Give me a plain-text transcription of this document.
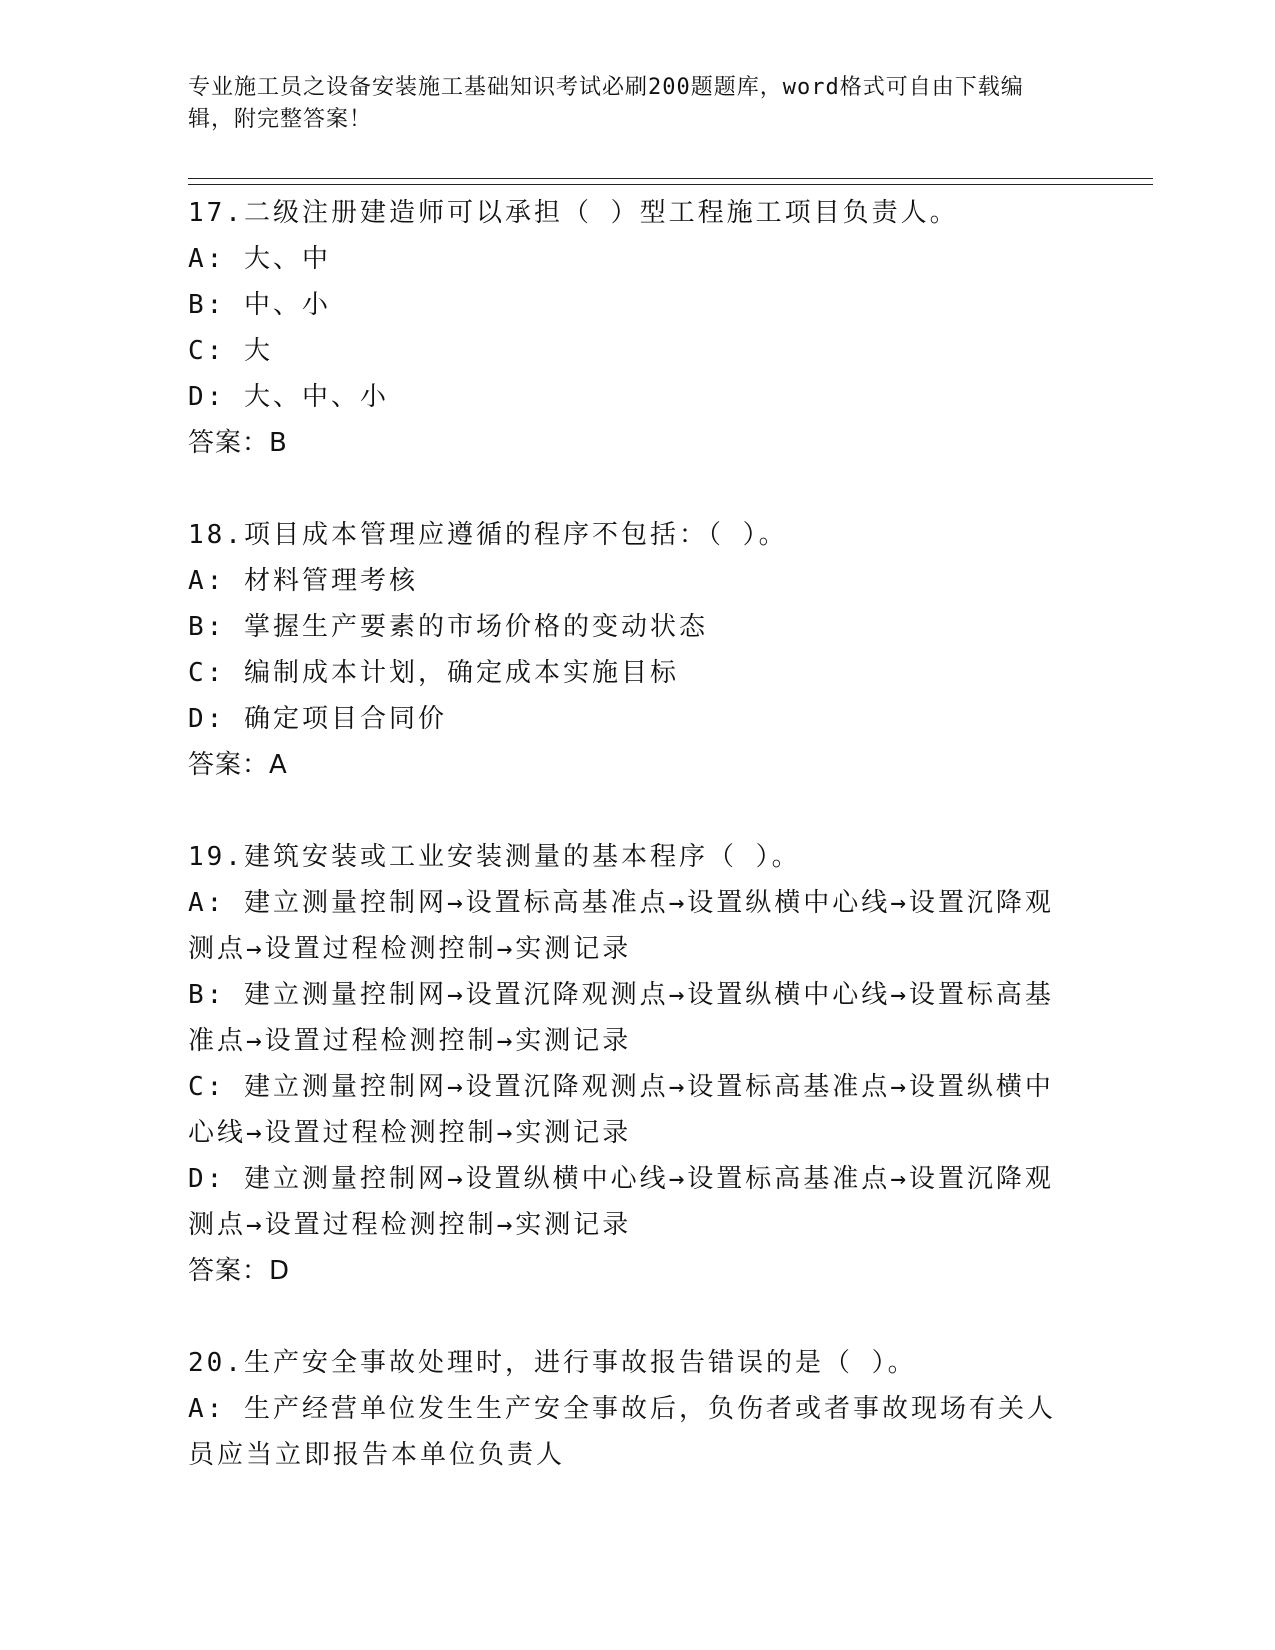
专业施工员之设备安装施工基础知识考试必刷200题题库，word格式可自由下载编辑，附完整答案！
17.二级注册建造师可以承担（ ）型工程施工项目负责人。
A: 大、中
B: 中、小
C: 大
D: 大、中、小
答案：B
18.项目成本管理应遵循的程序不包括：（ ）。
A: 材料管理考核
B: 掌握生产要素的市场价格的变动状态
C: 编制成本计划，确定成本实施目标
D: 确定项目合同价
答案：A
19.建筑安装或工业安装测量的基本程序（ ）。
A: 建立测量控制网→设置标高基准点→设置纵横中心线→设置沉降观测点→设置过程检测控制→实测记录
B: 建立测量控制网→设置沉降观测点→设置纵横中心线→设置标高基准点→设置过程检测控制→实测记录
C: 建立测量控制网→设置沉降观测点→设置标高基准点→设置纵横中心线→设置过程检测控制→实测记录
D: 建立测量控制网→设置纵横中心线→设置标高基准点→设置沉降观测点→设置过程检测控制→实测记录
答案：D
20.生产安全事故处理时，进行事故报告错误的是（ ）。
A: 生产经营单位发生生产安全事故后，负伤者或者事故现场有关人员应当立即报告本单位负责人
